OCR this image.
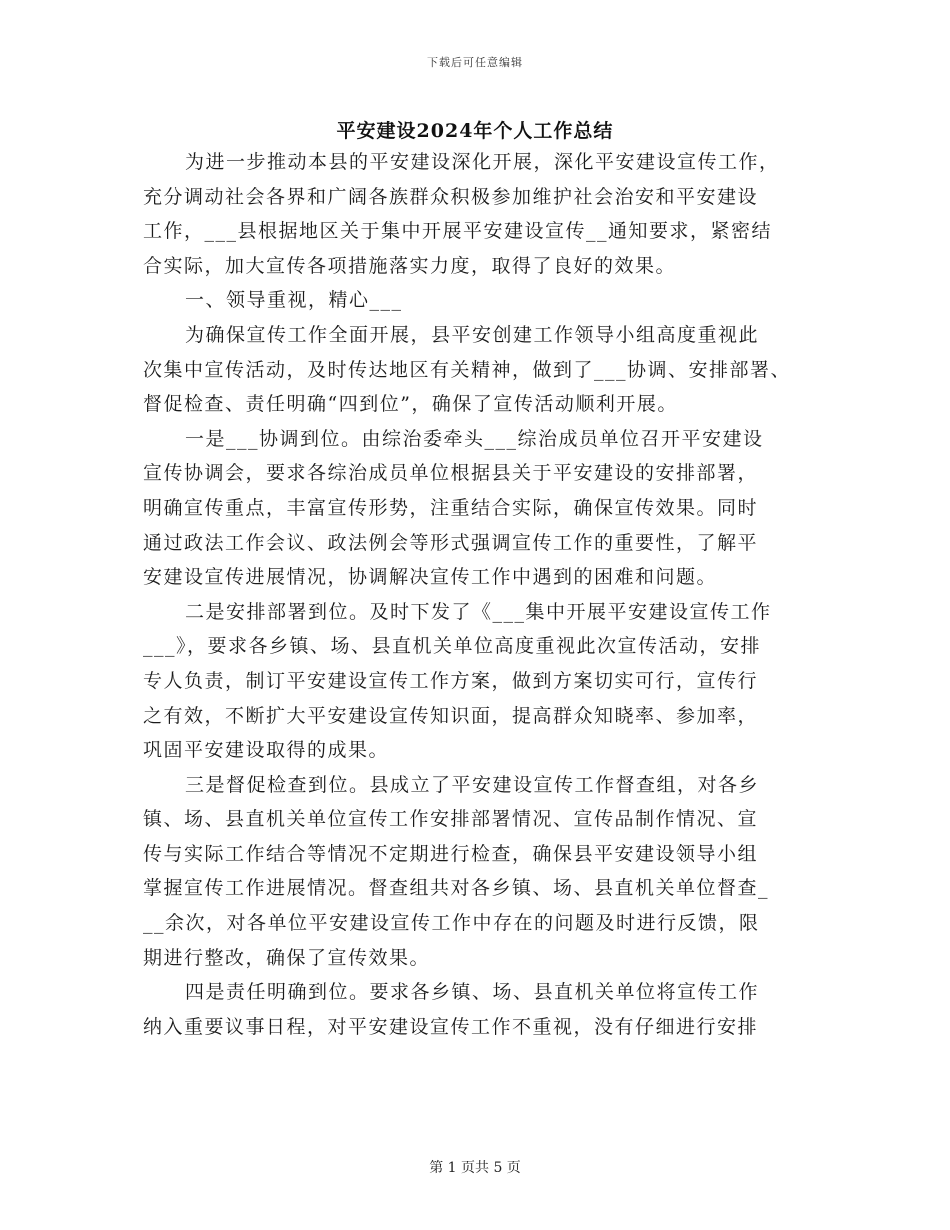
下载后可任意编辑
平安建设2024年个人工作总结
为进一步推动本县的平安建设深化开展，深化平安建设宣传工作，
充分调动社会各界和广阔各族群众积极参加维护社会治安和平安建设
工作，___县根据地区关于集中开展平安建设宣传__通知要求，紧密结
合实际，加大宣传各项措施落实力度，取得了良好的效果。
一、领导重视，精心___
为确保宣传工作全面开展，县平安创建工作领导小组高度重视此
次集中宣传活动，及时传达地区有关精神，做到了___协调、安排部署、
督促检查、责任明确“四到位”，确保了宣传活动顺利开展。
一是___协调到位。由综治委牵头___综治成员单位召开平安建设
宣传协调会，要求各综治成员单位根据县关于平安建设的安排部署，
明确宣传重点，丰富宣传形势，注重结合实际，确保宣传效果。同时
通过政法工作会议、政法例会等形式强调宣传工作的重要性，了解平
安建设宣传进展情况，协调解决宣传工作中遇到的困难和问题。
二是安排部署到位。及时下发了《___集中开展平安建设宣传工作
___》，要求各乡镇、场、县直机关单位高度重视此次宣传活动，安排
专人负责，制订平安建设宣传工作方案，做到方案切实可行，宣传行
之有效，不断扩大平安建设宣传知识面，提高群众知晓率、参加率，
巩固平安建设取得的成果。
三是督促检查到位。县成立了平安建设宣传工作督查组，对各乡
镇、场、县直机关单位宣传工作安排部署情况、宣传品制作情况、宣
传与实际工作结合等情况不定期进行检查，确保县平安建设领导小组
掌握宣传工作进展情况。督查组共对各乡镇、场、县直机关单位督查_
__余次，对各单位平安建设宣传工作中存在的问题及时进行反馈，限
期进行整改，确保了宣传效果。
四是责任明确到位。要求各乡镇、场、县直机关单位将宣传工作
纳入重要议事日程，对平安建设宣传工作不重视，没有仔细进行安排
第 1 页共 5 页
